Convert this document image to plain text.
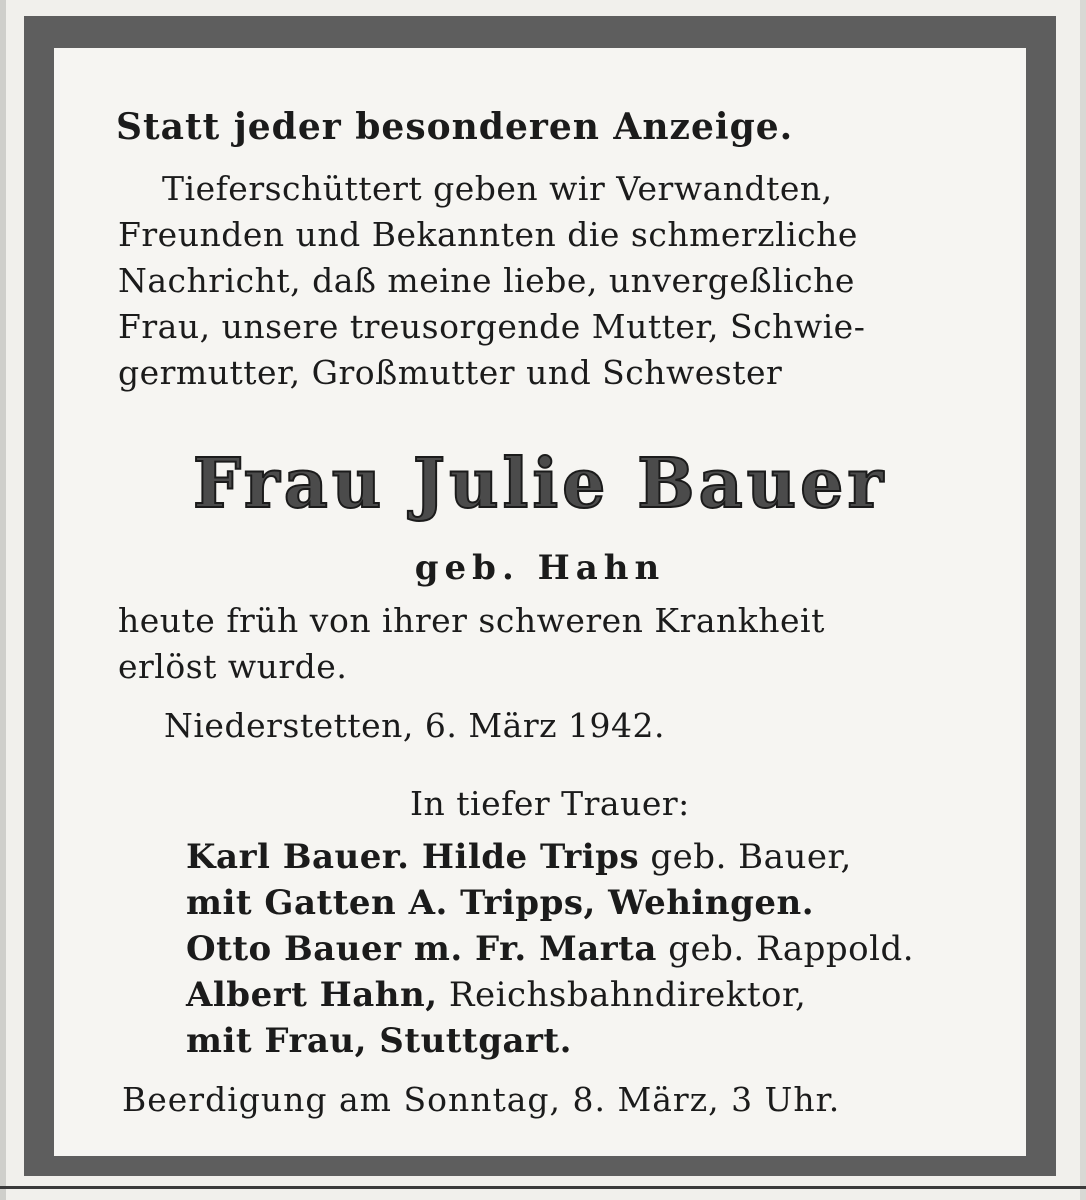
Statt jeder besonderen Anzeige.
Tieferschüttert geben wir Verwandten,
Freunden und Bekannten die schmerzliche
Nachricht, daß meine liebe, unvergeßliche
Frau, unsere treusorgende Mutter, Schwie-
germutter, Großmutter und Schwester
Frau Julie Bauer
geb. Hahn
heute früh von ihrer schweren Krankheit
erlöst wurde.
Niederstetten, 6. März 1942.
In tiefer Trauer:
Karl Bauer. Hilde Trips geb. Bauer,
mit Gatten A. Tripps, Wehingen.
Otto Bauer m. Fr. Marta geb. Rappold.
Albert Hahn, Reichsbahndirektor,
mit Frau, Stuttgart.
Beerdigung am Sonntag, 8. März, 3 Uhr.
